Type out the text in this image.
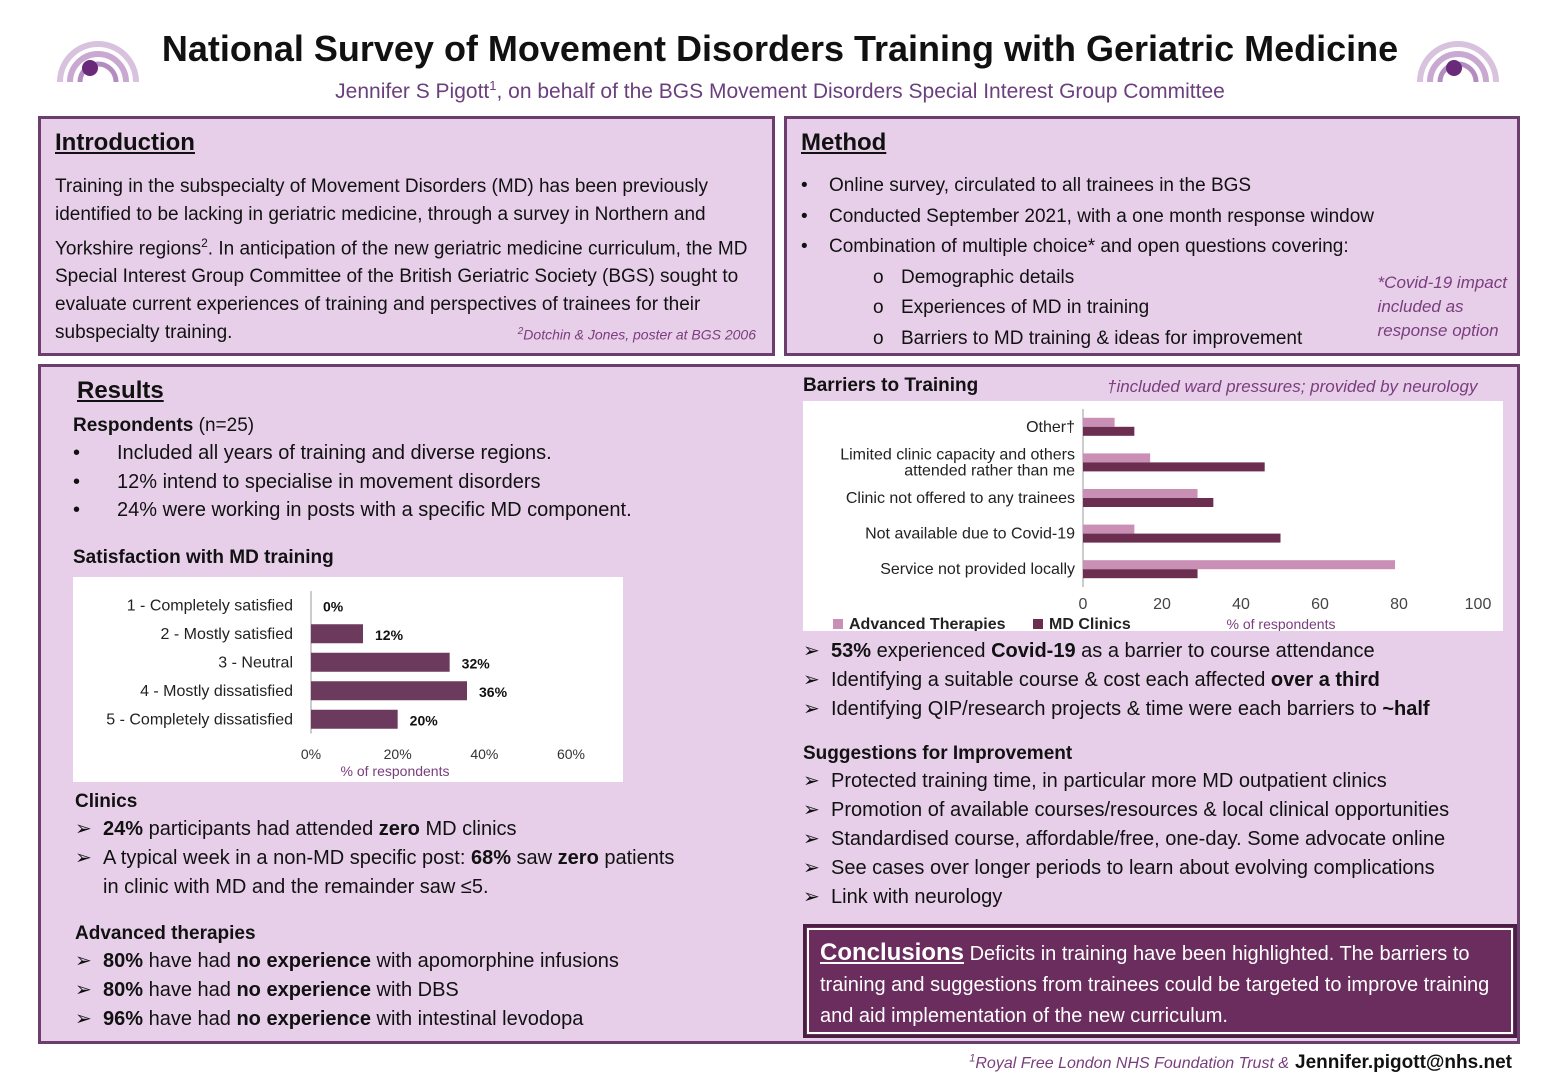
National Survey of Movement Disorders Training with Geriatric Medicine
Jennifer S Pigott$^1$, on behalf of the BGS Movement Disorders Special Interest Group Committee
Introduction

Training in the subspecialty of Movement Disorders (MD) has been previously identified to be lacking in geriatric medicine, through a survey in Northern and Yorkshire regions$^2$. In anticipation of the new geriatric medicine curriculum, the MD Special Interest Group Committee of the British Geriatric Society (BGS) sought to evaluate current experiences of training and perspectives of trainees for their subspecialty training.	$^2$Dotchin & Jones, poster at BGS 2006
Method
• Online survey, circulated to all trainees in the BGS
• Conducted September 2021, with a one month response window
• Combination of multiple choice* and open questions covering:
o Demographic details
o Experiences of MD in training
o Barriers to MD training & ideas for improvement
*Covid-19 impact
included as
response option
Results
Respondents (n=25)
• Included all years of training and diverse regions.
• 12% intend to specialise in movement disorders
• 24% were working in posts with a specific MD component.
Satisfaction with MD training
1 - Completely satisfied 0%
2 - Mostly satisfied	12%
3 - Neutral	32%
4 - Mostly dissatisfied	36%
5 - Completely dissatisfied	20%
0%	20%	40%	60%
% of respondents
Clinics
➢ 24% participants had attended zero MD clinics
➢ A typical week in a non-MD specific post: 68% saw zero patients
in clinic with MD and the remainder saw ≤5.
Advanced therapies
➢ 80% have had no experience with apomorphine infusions
➢ 80% have had no experience with DBS
➢ 96% have had no experience with intestinal levodopa
Barriers to Training	†included ward pressures; provided by neurology
Other†
Limited clinic capacity and others
attended rather than me
Clinic not offered to any trainees
Not available due to Covid-19
Service not provided locally
0	20	40	60	80	100
Advanced Therapies	MD Clinics	% of respondents
➢ 53% experienced Covid-19 as a barrier to course attendance
➢ Identifying a suitable course & cost each affected over a third
➢ Identifying QIP/research projects & time were each barriers to ~half
Suggestions for Improvement
➢ Protected training time, in particular more MD outpatient clinics
➢ Promotion of available courses/resources & local clinical opportunities
➢ Standardised course, affordable/free, one-day. Some advocate online
➢ See cases over longer periods to learn about evolving complications
➢ Link with neurology
Conclusions Deficits in training have been highlighted. The barriers to training and suggestions from trainees could be targeted to improve training and aid implementation of the new curriculum.
$^1$Royal Free London NHS Foundation Trust & Jennifer.pigott@nhs.net
